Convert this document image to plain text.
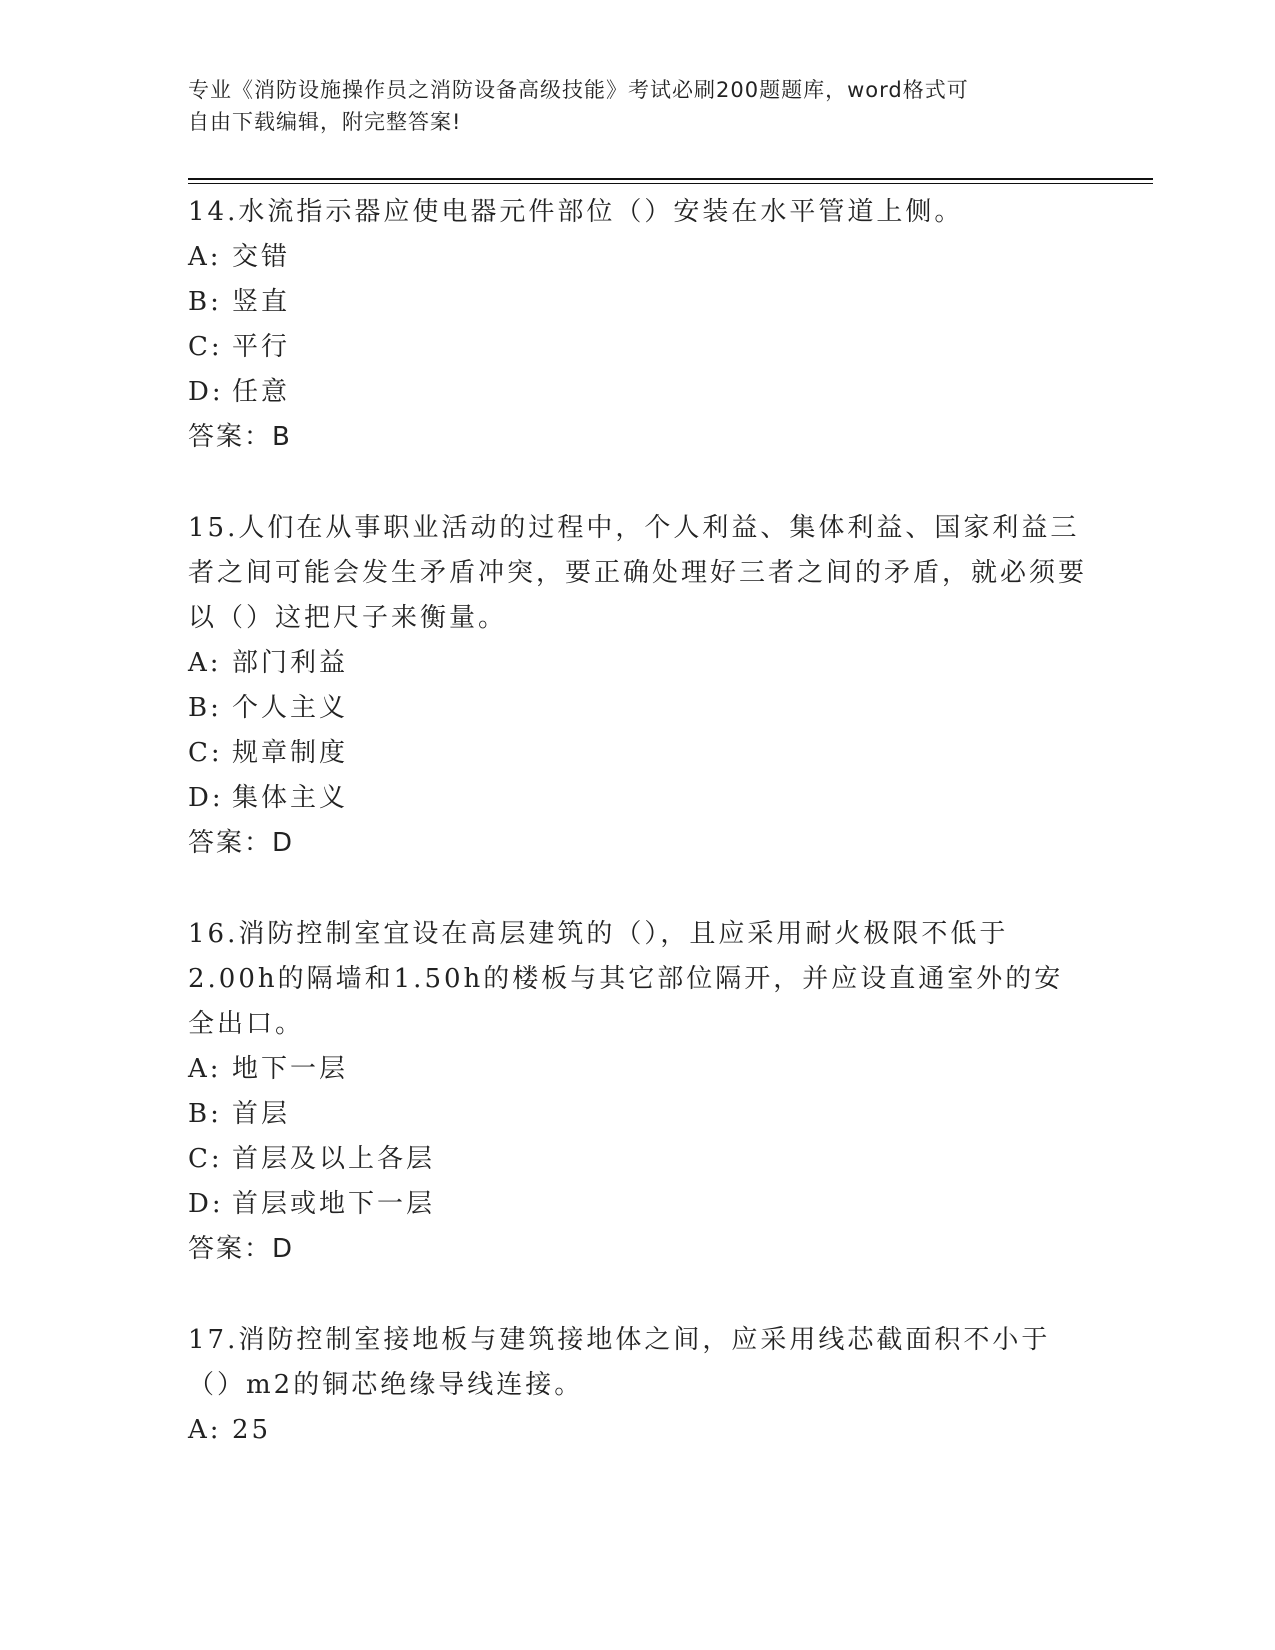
专业《消防设施操作员之消防设备高级技能》考试必刷200题题库，word格式可
自由下载编辑，附完整答案!
14.水流指示器应使电器元件部位（）安装在水平管道上侧。
A: 交错
B: 竖直
C: 平行
D: 任意
答案：B
15.人们在从事职业活动的过程中，个人利益、集体利益、国家利益三者之间可能会发生矛盾冲突，要正确处理好三者之间的矛盾，就必须要以（）这把尺子来衡量。
A: 部门利益
B: 个人主义
C: 规章制度
D: 集体主义
答案：D
16.消防控制室宜设在高层建筑的（），且应采用耐火极限不低于2.00h的隔墙和1.50h的楼板与其它部位隔开，并应设直通室外的安全出口。
A: 地下一层
B: 首层
C: 首层及以上各层
D: 首层或地下一层
答案：D
17.消防控制室接地板与建筑接地体之间，应采用线芯截面积不小于（）m2的铜芯绝缘导线连接。
A: 25
